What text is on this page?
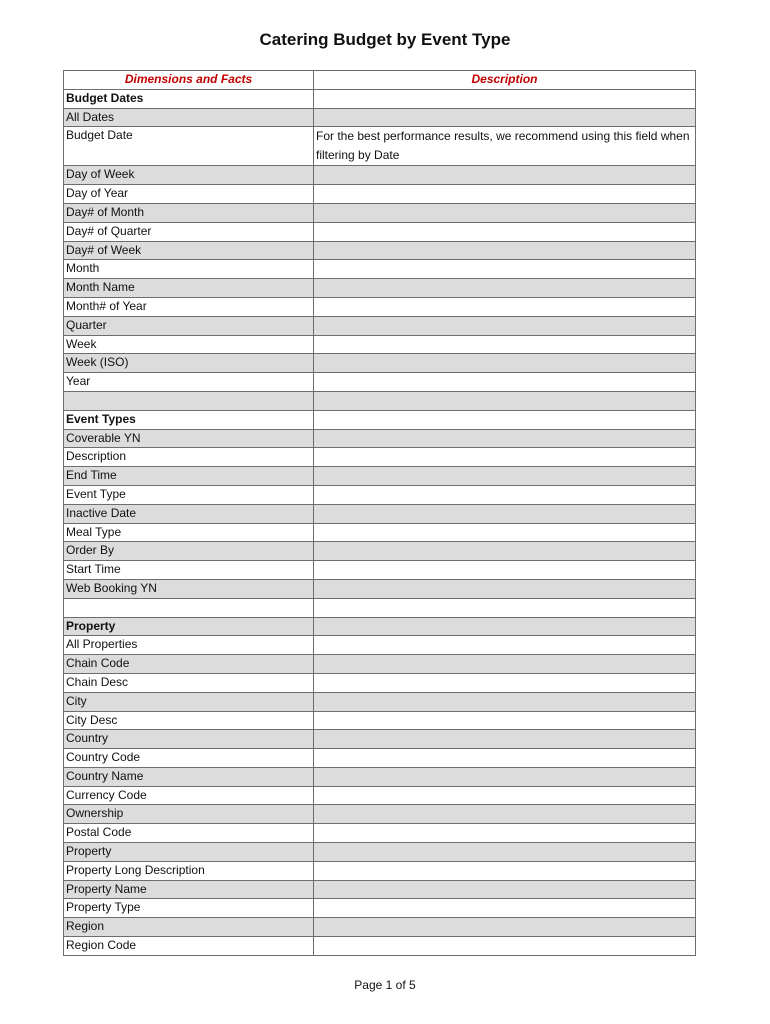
Catering Budget by Event Type
Dimensions and Facts	Description
Budget Dates	
All Dates	
Budget Date	For the best performance results, we recommend using this field when filtering by Date
Day of Week	
Day of Year	
Day# of Month	
Day# of Quarter	
Day# of Week	
Month	
Month Name	
Month# of Year	
Quarter	
Week	
Week (ISO)	
Year	

Event Types	
Coverable YN	
Description	
End Time	
Event Type	
Inactive Date	
Meal Type	
Order By	
Start Time	
Web Booking YN	

Property	
All Properties	
Chain Code	
Chain Desc	
City	
City Desc	
Country	
Country Code	
Country Name	
Currency Code	
Ownership	
Postal Code	
Property	
Property Long Description	
Property Name	
Property Type	
Region	
Region Code	
Page 1 of 5
